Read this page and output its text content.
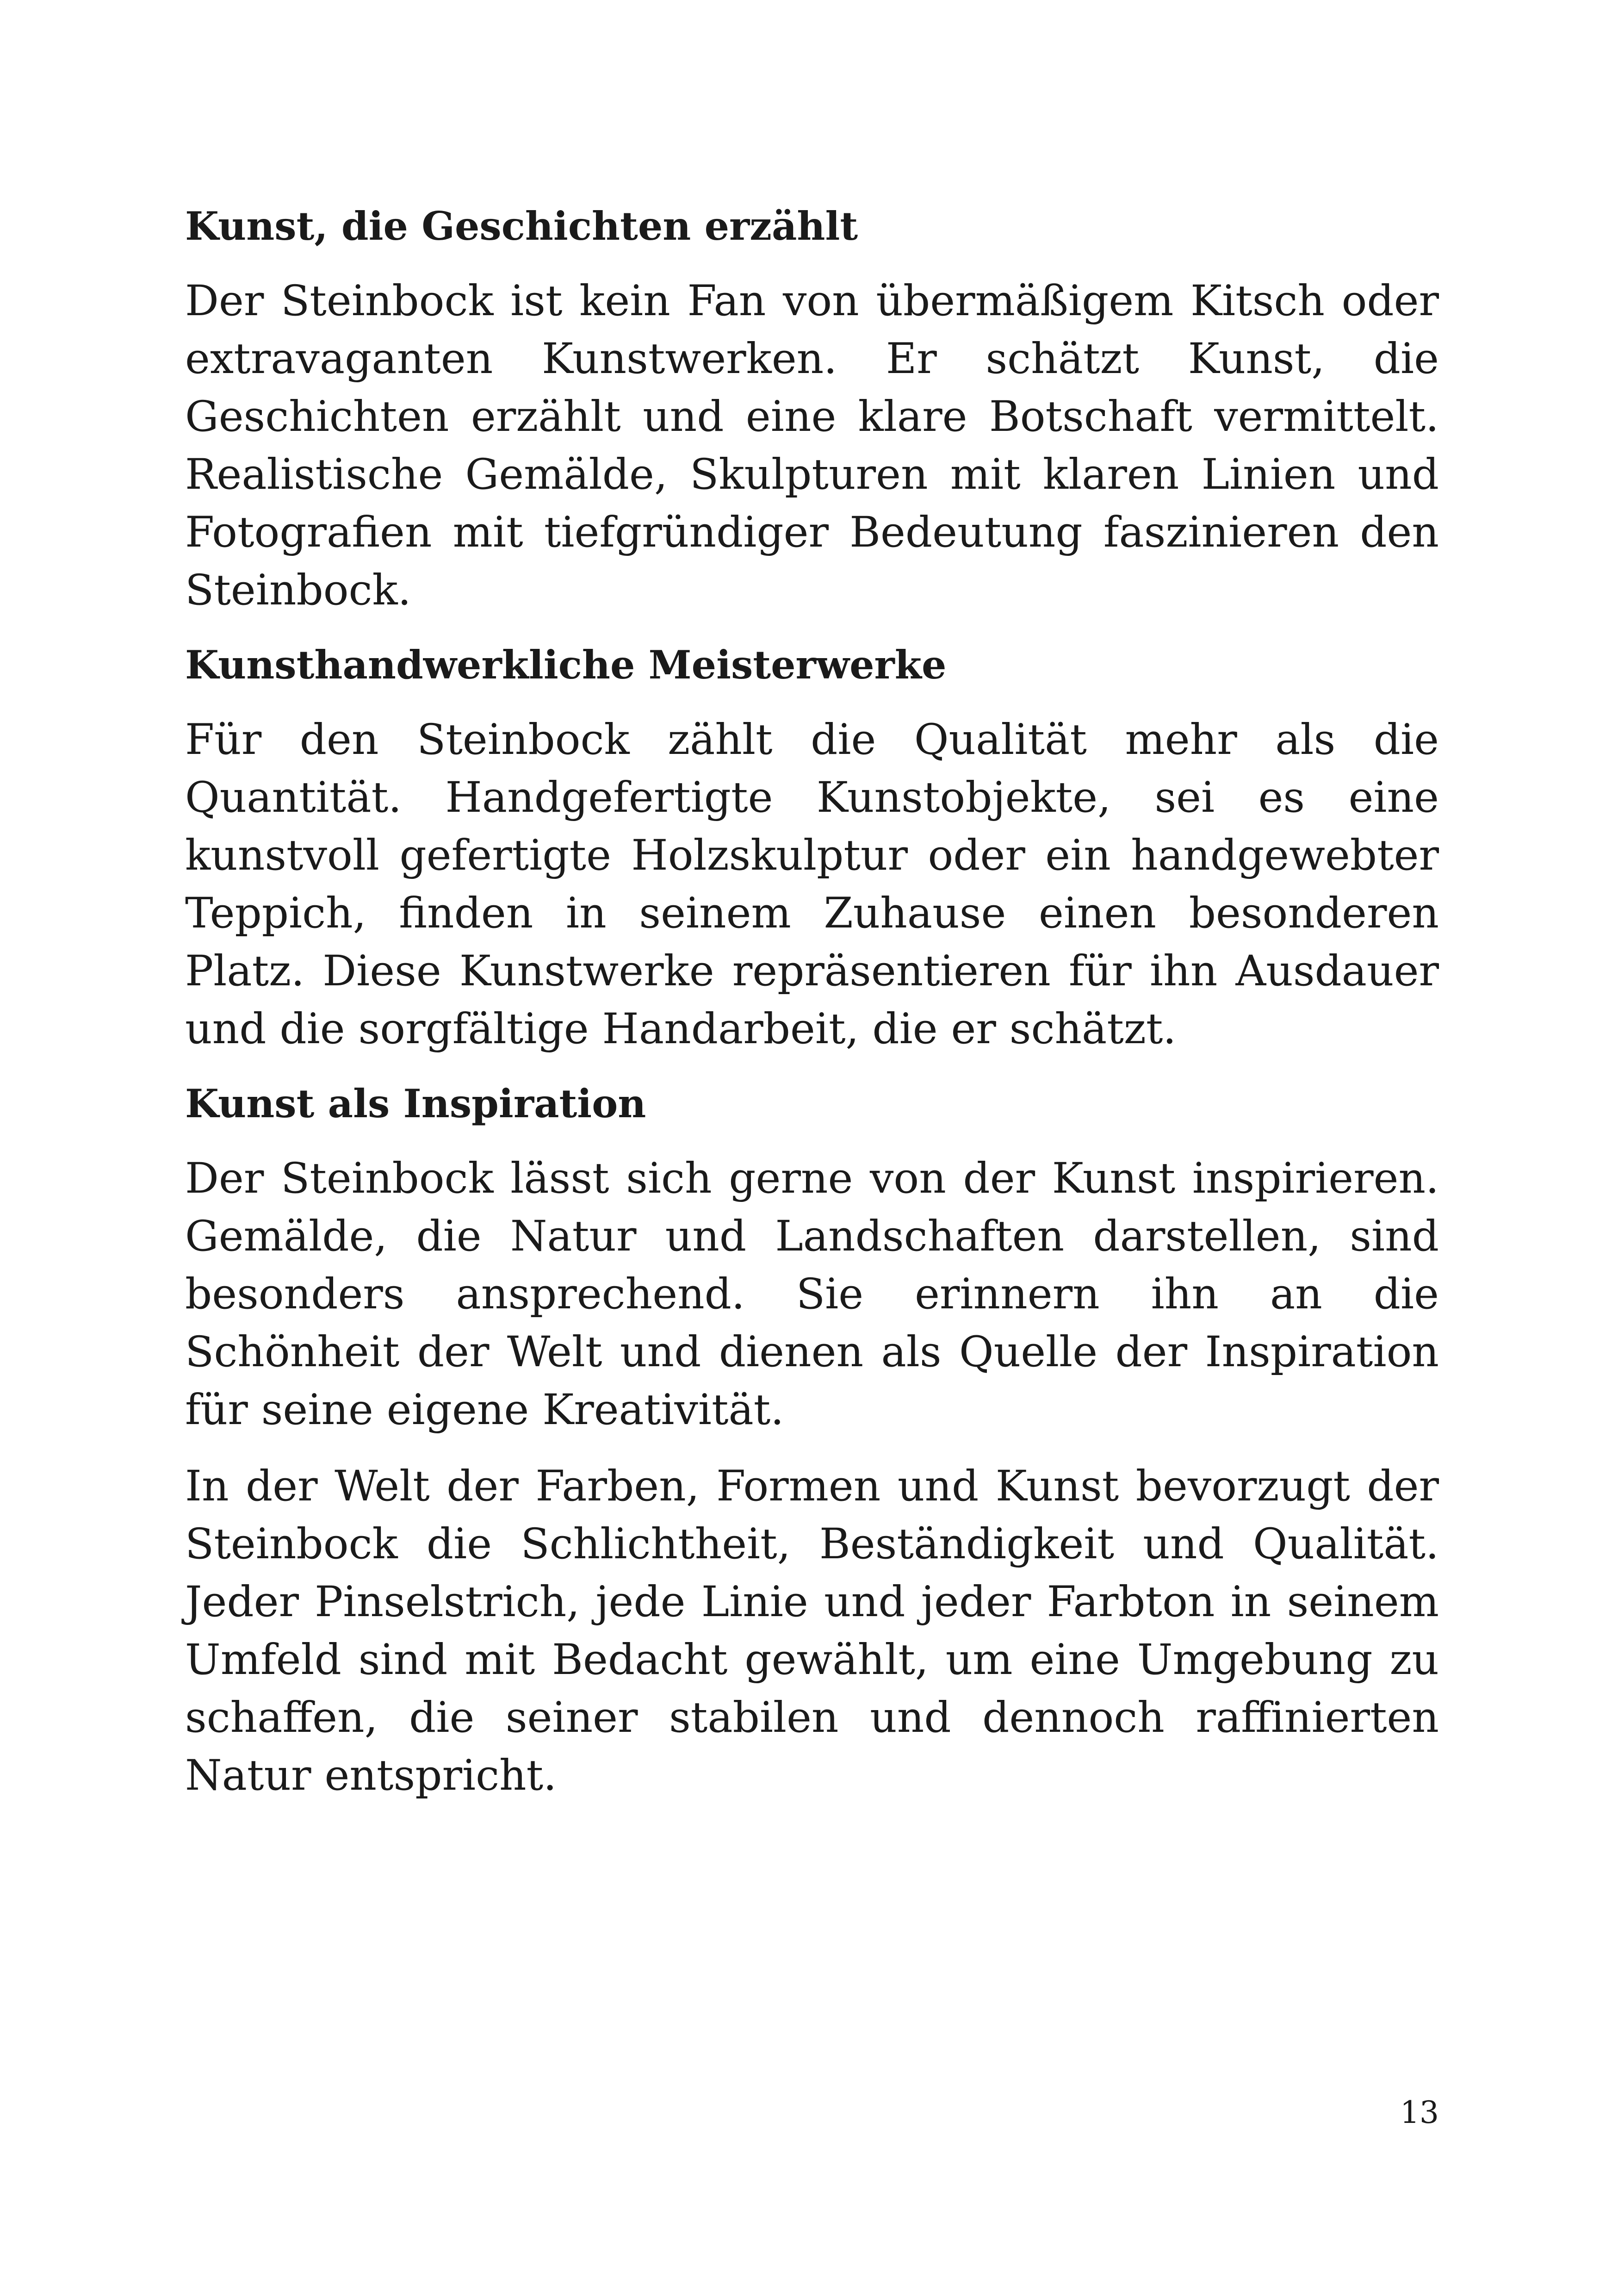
Kunst, die Geschichten erzählt

Der Steinbock ist kein Fan von übermäßigem Kitsch oder extravaganten Kunstwerken. Er schätzt Kunst, die Geschichten erzählt und eine klare Botschaft vermittelt. Realistische Gemälde, Skulpturen mit klaren Linien und Fotografien mit tiefgründiger Bedeutung faszinieren den Steinbock.

Kunsthandwerkliche Meisterwerke

Für den Steinbock zählt die Qualität mehr als die Quantität. Handgefertigte Kunstobjekte, sei es eine kunstvoll gefertigte Holzskulptur oder ein handgewebter Teppich, finden in seinem Zuhause einen besonderen Platz. Diese Kunstwerke repräsentieren für ihn Ausdauer und die sorgfältige Handarbeit, die er schätzt.

Kunst als Inspiration

Der Steinbock lässt sich gerne von der Kunst inspirieren. Gemälde, die Natur und Landschaften darstellen, sind besonders ansprechend. Sie erinnern ihn an die Schönheit der Welt und dienen als Quelle der Inspiration für seine eigene Kreativität.

In der Welt der Farben, Formen und Kunst bevorzugt der Steinbock die Schlichtheit, Beständigkeit und Qualität. Jeder Pinselstrich, jede Linie und jeder Farbton in seinem Umfeld sind mit Bedacht gewählt, um eine Umgebung zu schaffen, die seiner stabilen und dennoch raffinierten Natur entspricht.

13
